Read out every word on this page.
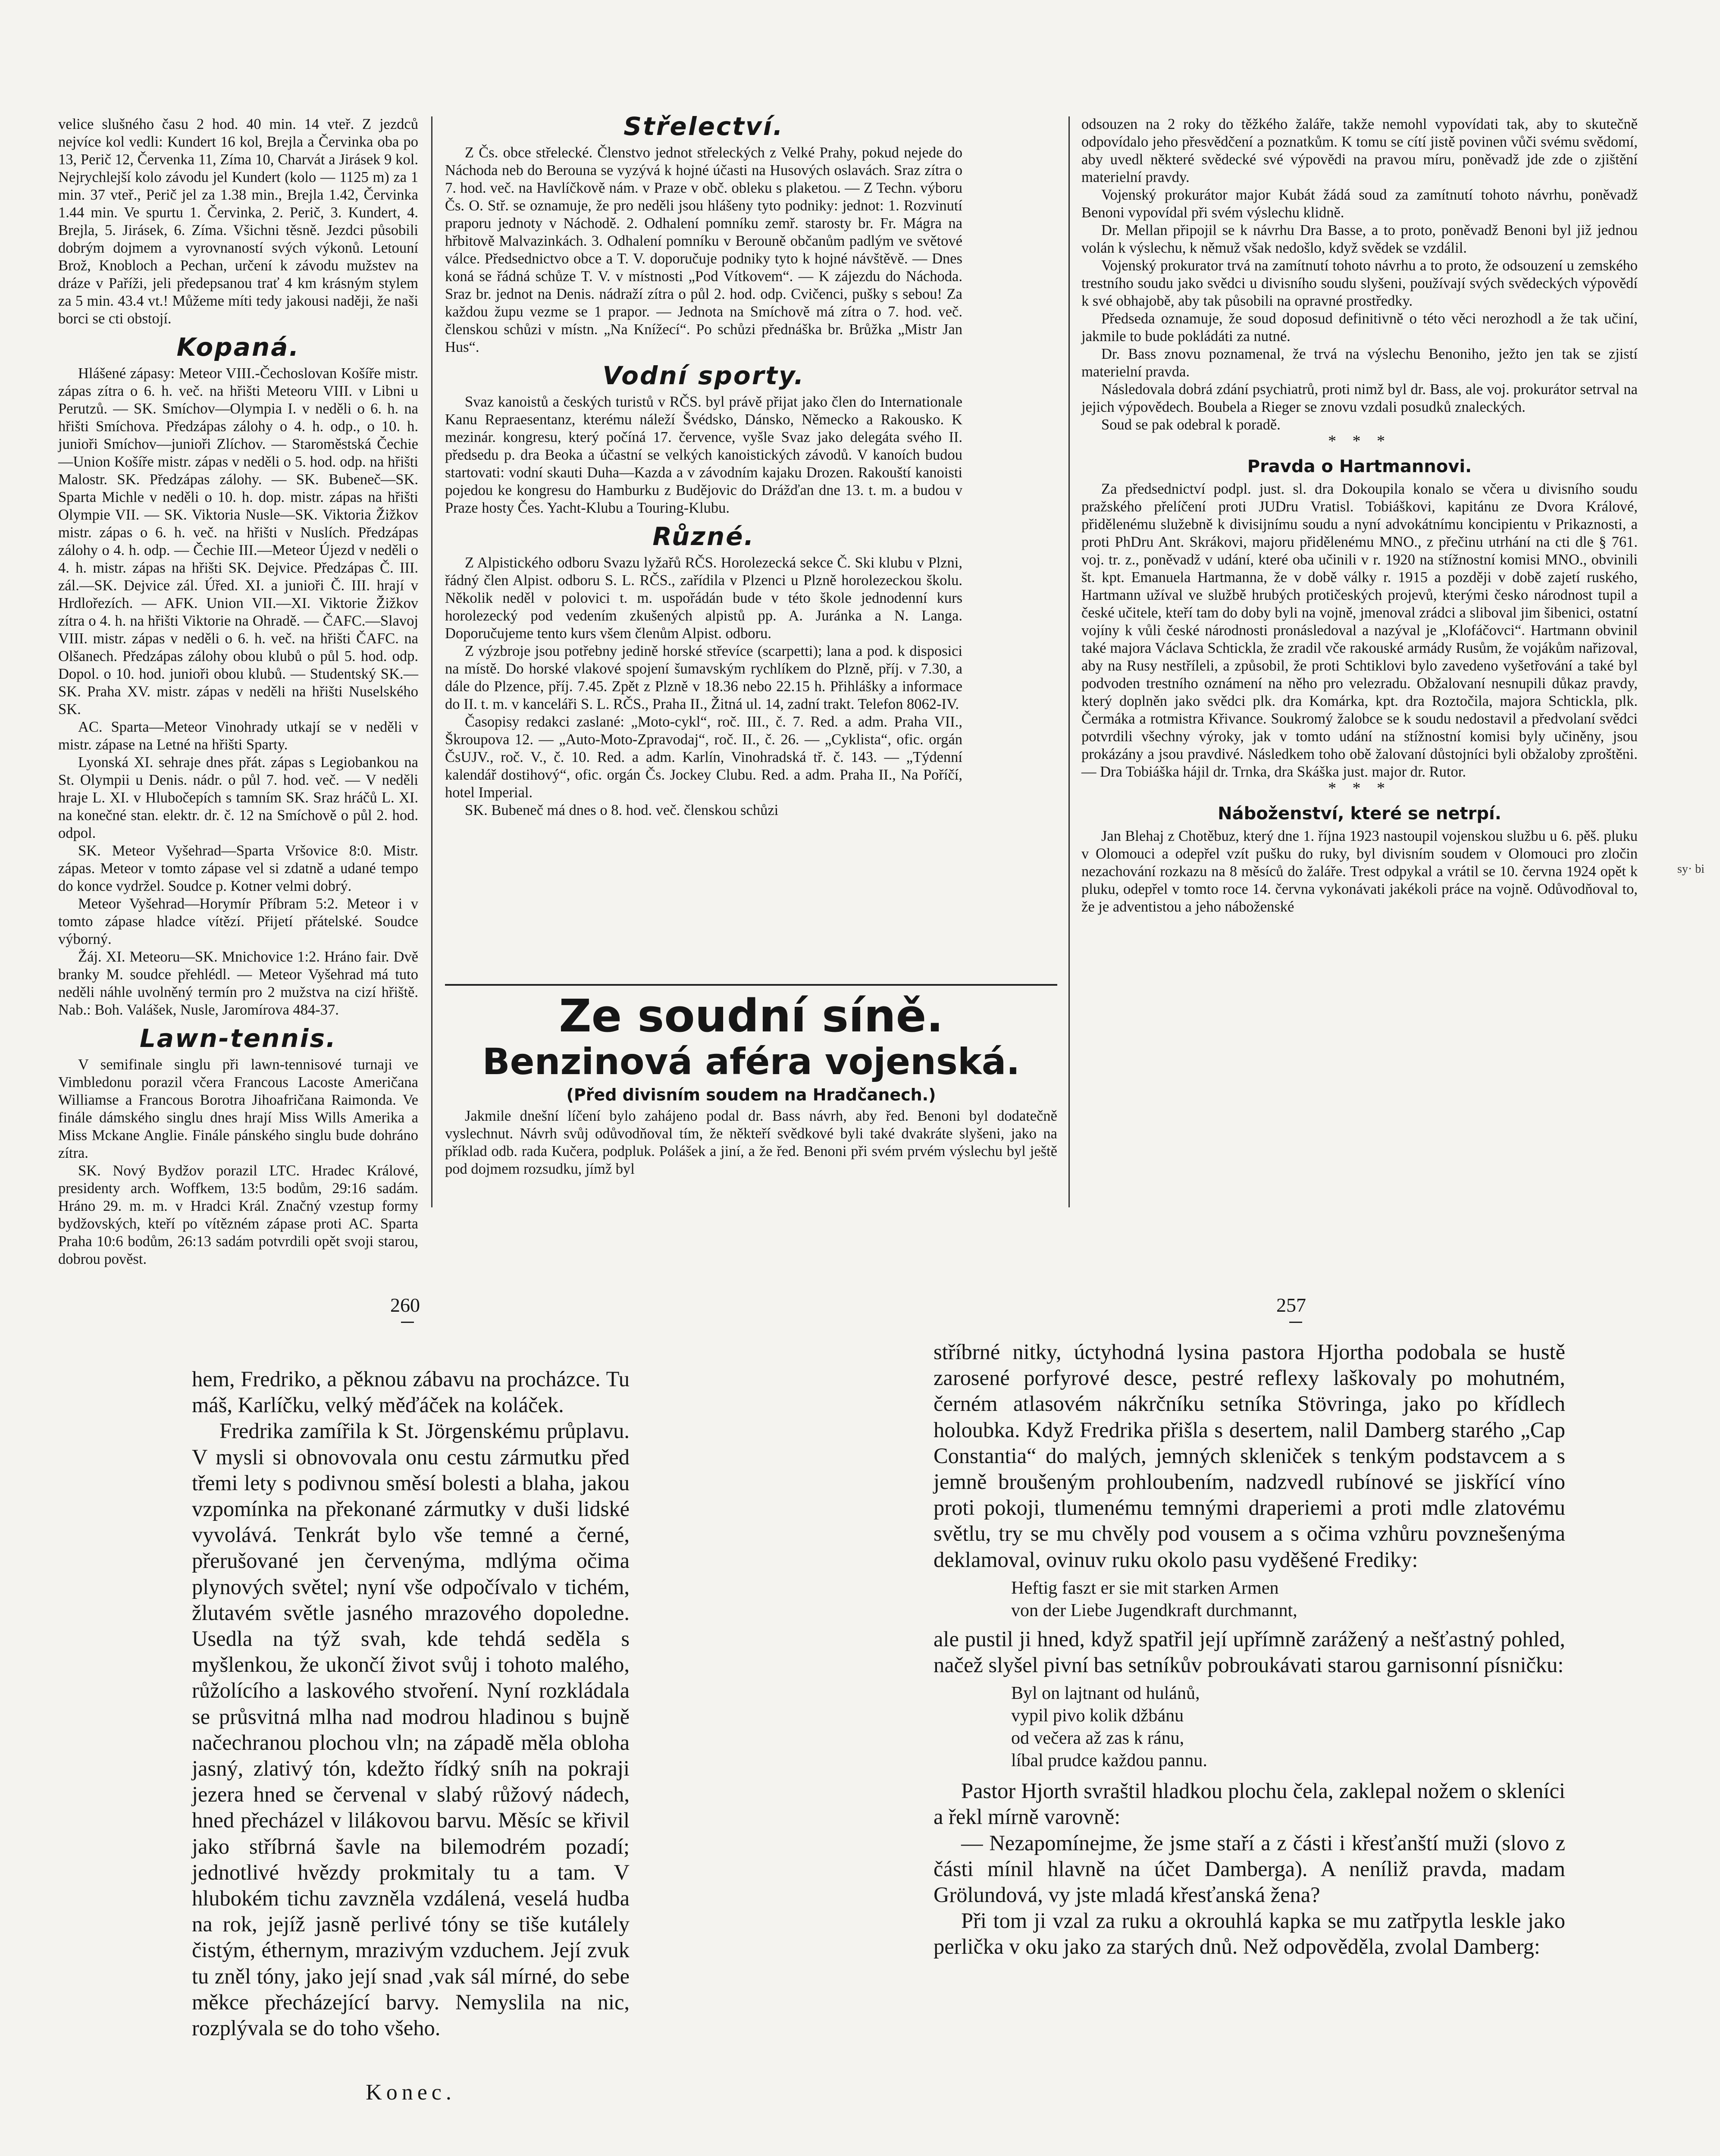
velice slušného času 2 hod. 40 min. 14 vteř. Z jezdců nejvíce kol vedli: Kundert 16 kol, Brejla a Červinka oba po 13, Perič 12, Červenka 11, Zíma 10, Charvát a Jirásek 9 kol. Nejrychlejší kolo závodu jel Kundert (kolo — 1125 m) za 1 min. 37 vteř., Perič jel za 1.38 min., Brejla 1.42, Červinka 1.44 min. Ve spurtu 1. Červinka, 2. Perič, 3. Kundert, 4. Brejla, 5. Jirásek, 6. Zíma. Všichni těsně. Jezdci působili dobrým dojmem a vyrovnaností svých výkonů. Letouní Brož, Knobloch a Pechan, určení k závodu mužstev na dráze v Paříži, jeli předepsanou trať 4 km krásným stylem za 5 min. 43.4 vt.! Můžeme míti tedy jakousi naději, že naši borci se cti obstojí.

Kopaná.

Hlášené zápasy: Meteor VIII.-Čechoslovan Košíře mistr. zápas zítra o 6. h. več. na hřišti Meteoru VIII. v Libni u Perutzů. — SK. Smíchov—Olympia I. v neděli o 6. h. na hřišti Smíchova. Předzápas zálohy o 4. h. odp., o 10. h. junioři Smíchov—junioři Zlíchov. — Staroměstská Čechie—Union Košíře mistr. zápas v neděli o 5. hod. odp. na hřišti Malostr. SK. Předzápas zálohy. — SK. Bubeneč—SK. Sparta Michle v neděli o 10. h. dop. mistr. zápas na hřišti Olympie VII. — SK. Viktoria Nusle—SK. Viktoria Žižkov mistr. zápas o 6. h. več. na hřišti v Nuslích. Předzápas zálohy o 4. h. odp. — Čechie III.—Meteor Újezd v neděli o 4. h. mistr. zápas na hřišti SK. Dejvice. Předzápas Č. III. zál.—SK. Dejvice zál. Úřed. XI. a junioři Č. III. hrají v Hrdlořezích. — AFK. Union VII.—XI. Viktorie Žižkov zítra o 4. h. na hřišti Viktorie na Ohradě. — ČAFC.—Slavoj VIII. mistr. zápas v neděli o 6. h. več. na hřišti ČAFC. na Olšanech. Předzápas zálohy obou klubů o půl 5. hod. odp. Dopol. o 10. hod. junioři obou klubů. — Studentský SK.—SK. Praha XV. mistr. zápas v neděli na hřišti Nuselského SK.

AC. Sparta—Meteor Vinohrady utkají se v neděli v mistr. zápase na Letné na hřišti Sparty.

Lyonská XI. sehraje dnes přát. zápas s Legiobankou na St. Olympii u Denis. nádr. o půl 7. hod. več. — V neděli hraje L. XI. v Hlubočepích s tamním SK. Sraz hráčů L. XI. na konečné stan. elektr. dr. č. 12 na Smíchově o půl 2. hod. odpol.

SK. Meteor Vyšehrad—Sparta Vršovice 8:0. Mistr. zápas. Meteor v tomto zápase vel si zdatně a udané tempo do konce vydržel. Soudce p. Kotner velmi dobrý.

Meteor Vyšehrad—Horymír Příbram 5:2. Meteor i v tomto zápase hladce vítězí. Přijetí přátelské. Soudce výborný.

Žáj. XI. Meteoru—SK. Mnichovice 1:2. Hráno fair. Dvě branky M. soudce přehlédl. — Meteor Vyšehrad má tuto neděli náhle uvolněný termín pro 2 mužstva na cizí hřiště. Nab.: Boh. Valášek, Nusle, Jaromírova 484-37.

Lawn-tennis.

V semifinale singlu při lawn-tennisové turnaji ve Vimbledonu porazil včera Francous Lacoste Američana Williamse a Francous Borotra Jihoafričana Raimonda. Ve finále dámského singlu dnes hrají Miss Wills Amerika a Miss Mckane Anglie. Finále pánského singlu bude dohráno zítra.

SK. Nový Bydžov porazil LTC. Hradec Králové, presidenty arch. Woffkem, 13:5 bodům, 29:16 sadám. Hráno 29. m. m. v Hradci Král. Značný vzestup formy bydžovských, kteří po vítězném zápase proti AC. Sparta Praha 10:6 bodům, 26:13 sadám potvrdili opět svoji starou, dobrou pověst.

Střelectví.

Z Čs. obce střelecké. Členstvo jednot střeleckých z Velké Prahy, pokud nejede do Náchoda neb do Berouna se vyzývá k hojné účasti na Husových oslavách. Sraz zítra o 7. hod. več. na Havlíčkově nám. v Praze v obč. obleku s plaketou. — Z Techn. výboru Čs. O. Stř. se oznamuje, že pro neděli jsou hlášeny tyto podniky: jednot: 1. Rozvinutí praporu jednoty v Náchodě. 2. Odhalení pomníku zemř. starosty br. Fr. Mágra na hřbitově Malvazinkách. 3. Odhalení pomníku v Berouně občanům padlým ve světové válce. Předsednictvo obce a T. V. doporučuje podniky tyto k hojné návštěvě. — Dnes koná se řádná schůze T. V. v místnosti „Pod Vítkovem“. — K zájezdu do Náchoda. Sraz br. jednot na Denis. nádraží zítra o půl 2. hod. odp. Cvičenci, pušky s sebou! Za každou župu vezme se 1 prapor. — Jednota na Smíchově má zítra o 7. hod. več. členskou schůzi v místn. „Na Knížecí“. Po schůzi přednáška br. Brůžka „Mistr Jan Hus“.

Vodní sporty.

Svaz kanoistů a českých turistů v RČS. byl právě přijat jako člen do Internationale Kanu Repraesentanz, kterému náleží Švédsko, Dánsko, Německo a Rakousko. K mezinár. kongresu, který počíná 17. července, vyšle Svaz jako delegáta svého II. předsedu p. dra Beoka a účastní se velkých kanoistických závodů. V kanoích budou startovati: vodní skauti Duha—Kazda a v závodním kajaku Drozen. Rakouští kanoisti pojedou ke kongresu do Hamburku z Budějovic do Drážďan dne 13. t. m. a budou v Praze hosty Čes. Yacht-Klubu a Touring-Klubu.

Různé.

Z Alpistického odboru Svazu lyžařů RČS. Horolezecká sekce Č. Ski klubu v Plzni, řádný člen Alpist. odboru S. L. RČS., zařídila v Plzenci u Plzně horolezeckou školu. Několik neděl v polovici t. m. uspořádán bude v této škole jednodenní kurs horolezecký pod vedením zkušených alpistů pp. A. Juránka a N. Langa. Doporučujeme tento kurs všem členům Alpist. odboru.

Z výzbroje jsou potřebny jedině horské střevíce (scarpetti); lana a pod. k disposici na místě. Do horské vlakové spojení šumavským rychlíkem do Plzně, příj. v 7.30, a dále do Plzence, příj. 7.45. Zpět z Plzně v 18.36 nebo 22.15 h. Přihlášky a informace do II. t. m. v kanceláři S. L. RČS., Praha II., Žitná ul. 14, zadní trakt. Telefon 8062-IV.

Časopisy redakci zaslané: „Moto-cykl“, roč. III., č. 7. Red. a adm. Praha VII., Škroupova 12. — „Auto-Moto-Zpravodaj“, roč. II., č. 26. — „Cyklista“, ofic. orgán ČsUJV., roč. V., č. 10. Red. a adm. Karlín, Vinohradská tř. č. 143. — „Týdenní kalendář dostihový“, ofic. orgán Čs. Jockey Clubu. Red. a adm. Praha II., Na Poříčí, hotel Imperial.

SK. Bubeneč má dnes o 8. hod. več. členskou schůzi

Ze soudní síně.
Benzinová aféra vojenská.
(Před divisním soudem na Hradčanech.)

Jakmile dnešní líčení bylo zahájeno podal dr. Bass návrh, aby řed. Benoni byl dodatečně vyslechnut. Návrh svůj odůvodňoval tím, že někteří svědkové byli také dvakráte slyšeni, jako na příklad odb. rada Kučera, podpluk. Polášek a jiní, a že řed. Benoni při svém prvém výslechu byl ještě pod dojmem rozsudku, jímž byl

odsouzen na 2 roky do těžkého žaláře, takže nemohl vypovídati tak, aby to skutečně odpovídalo jeho přesvědčení a poznatkům. K tomu se cítí jistě povinen vůči svému svědomí, aby uvedl některé svědecké své výpovědi na pravou míru, poněvadž jde zde o zjištění materielní pravdy.

Vojenský prokurátor major Kubát žádá soud za zamítnutí tohoto návrhu, poněvadž Benoni vypovídal při svém výslechu klidně.

Dr. Mellan připojil se k návrhu Dra Basse, a to proto, poněvadž Benoni byl již jednou volán k výslechu, k němuž však nedošlo, když svědek se vzdálil.

Vojenský prokurator trvá na zamítnutí tohoto návrhu a to proto, že odsouzení u zemského trestního soudu jako svědci u divisního soudu slyšeni, používají svých svědeckých výpovědí k své obhajobě, aby tak působili na opravné prostředky.

Předseda oznamuje, že soud doposud definitivně o této věci nerozhodl a že tak učiní, jakmile to bude pokládáti za nutné.

Dr. Bass znovu poznamenal, že trvá na výslechu Benoniho, ježto jen tak se zjistí materielní pravda.

Následovala dobrá zdání psychiatrů, proti nimž byl dr. Bass, ale voj. prokurátor setrval na jejich výpovědech. Boubela a Rieger se znovu vzdali posudků znaleckých.

Soud se pak odebral k poradě.

* * *
Pravda o Hartmannovi.

Za předsednictví podpl. just. sl. dra Dokoupila konalo se včera u divisního soudu pražského přelíčení proti JUDru Vratisl. Tobiáškovi, kapitánu ze Dvora Králové, přidělenému služebně k divisijnímu soudu a nyní advokátnímu koncipientu v Prikaznosti, a proti PhDru Ant. Skrákovi, majoru přidělenému MNO., z přečinu utrhání na cti dle § 761. voj. tr. z., poněvadž v udání, které oba učinili v r. 1920 na stížnostní komisi MNO., obvinili št. kpt. Emanuela Hartmanna, že v době války r. 1915 a později v době zajetí ruského, Hartmann užíval ve službě hrubých protičeských projevů, kterými česko národnost tupil a české učitele, kteří tam do doby byli na vojně, jmenoval zrádci a sliboval jim šibenici, ostatní vojíny k vůli české národnosti pronásledoval a nazýval je „Klofáčovci“. Hartmann obvinil také majora Václava Schtickla, že zradil vče rakouské armády Rusům, že vojákům nařizoval, aby na Rusy nestříleli, a způsobil, že proti Schtiklovi bylo zavedeno vyšetřování a také byl podvoden trestního oznámení na něho pro velezradu. Obžalovaní nesnupili důkaz pravdy, který doplněn jako svědci plk. dra Komárka, kpt. dra Roztočila, majora Schtickla, plk. Čermáka a rotmistra Křivance. Soukromý žalobce se k soudu nedostavil a předvolaní svědci potvrdili všechny výroky, jak v tomto udání na stížnostní komisi byly učiněny, jsou prokázány a jsou pravdivé. Následkem toho obě žalovaní důstojníci byli obžaloby zproštěni. — Dra Tobiáška hájil dr. Trnka, dra Skáška just. major dr. Rutor.

* * *
Náboženství, které se netrpí.

Jan Blehaj z Chotěbuz, který dne 1. října 1923 nastoupil vojenskou službu u 6. pěš. pluku v Olomouci a odepřel vzít pušku do ruky, byl divisním soudem v Olomouci pro zločin nezachování rozkazu na 8 měsíců do žaláře. Trest odpykal a vrátil se 10. června 1924 opět k pluku, odepřel v tomto roce 14. června vykonávati jakékoli práce na vojně. Odůvodňoval to, že je adventistou a jeho náboženské

sy· bi
260	257

hem, Fredriko, a pěknou zábavu na procházce. Tu máš, Karlíčku, velký měďáček na koláček.

Fredrika zamířila k St. Jörgenskému průplavu. V mysli si obnovovala onu cestu zármutku před třemi lety s podivnou směsí bolesti a blaha, jakou vzpomínka na překonané zármutky v duši lidské vyvolává. Tenkrát bylo vše temné a černé, přerušované jen červenýma, mdlýma očima plynových světel; nyní vše odpočívalo v tichém, žlutavém světle jasného mrazového dopoledne. Usedla na týž svah, kde tehdá seděla s myšlenkou, že ukončí život svůj i tohoto malého, růžolícího a laskového stvoření. Nyní rozkládala se průsvitná mlha nad modrou hladinou s bujně načechranou plochou vln; na západě měla obloha jasný, zlativý tón, kdežto řídký sníh na pokraji jezera hned se červenal v slabý růžový nádech, hned přecházel v lilákovou barvu. Měsíc se křivil jako stříbrná šavle na bilemodrém pozadí; jednotlivé hvězdy prokmitaly tu a tam. V hlubokém tichu zavzněla vzdálená, veselá hudba na rok, jejíž jasně perlivé tóny se tiše kutálely čistým, éthernym, mrazivým vzduchem. Její zvuk tu zněl tóny, jako její snad ,vak sál mírné, do sebe měkce přecházející barvy. Nemyslila na nic, rozplývala se do toho všeho.

Konec.

stříbrné nitky, úctyhodná lysina pastora Hjortha podobala se hustě zarosené porfyrové desce, pestré reflexy laškovaly po mohutném, černém atlasovém nákrčníku setníka Stövringa, jako po křídlech holoubka. Když Fredrika přišla s desertem, nalil Damberg starého „Cap Constantia“ do malých, jemných skleniček s tenkým podstavcem a s jemně broušeným prohloubením, nadzvedl rubínové se jiskřící víno proti pokoji, tlumenému temnými draperiemi a proti mdle zlatovému světlu, try se mu chvěly pod vousem a s očima vzhůru povznešenýma deklamoval, ovinuv ruku okolo pasu vyděšené Frediky:

Heftig faszt er sie mit starken Armen

von der Liebe Jugendkraft durchmannt,

ale pustil ji hned, když spatřil její upřímně zarážený a nešťastný pohled, načež slyšel pivní bas setníkův pobroukávati starou garnisonní písničku:

Byl on lajtnant od hulánů,

vypil pivo kolik džbánu

od večera až zas k ránu,

líbal prudce každou pannu.

Pastor Hjorth svraštil hladkou plochu čela, zaklepal nožem o skleníci a řekl mírně varovně:

— Nezapomínejme, že jsme staří a z části i křesťanští muži (slovo z části mínil hlavně na účet Damberga). A neníliž pravda, madam Grölundová, vy jste mladá křesťanská žena?

Při tom ji vzal za ruku a okrouhlá kapka se mu zatřpytla leskle jako perlička v oku jako za starých dnů. Než odpověděla, zvolal Damberg:
